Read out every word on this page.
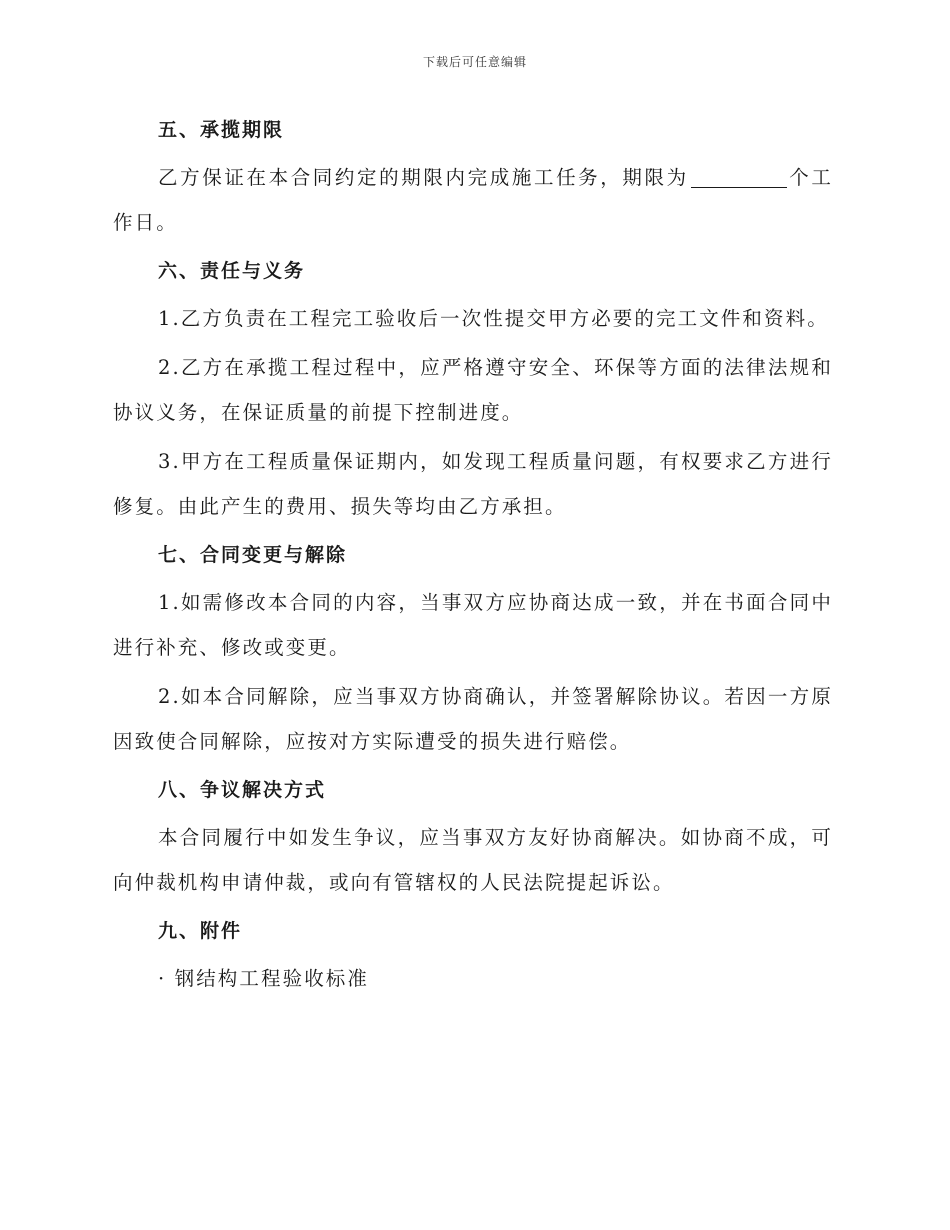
下载后可任意编辑
五、承揽期限
乙方保证在本合同约定的期限内完成施工任务，期限为	个工作日。
六、责任与义务
1.乙方负责在工程完工验收后一次性提交甲方必要的完工文件和资料。
2.乙方在承揽工程过程中，应严格遵守安全、环保等方面的法律法规和协议义务，在保证质量的前提下控制进度。
3.甲方在工程质量保证期内，如发现工程质量问题，有权要求乙方进行修复。由此产生的费用、损失等均由乙方承担。
七、合同变更与解除
1.如需修改本合同的内容，当事双方应协商达成一致，并在书面合同中进行补充、修改或变更。
2.如本合同解除，应当事双方协商确认，并签署解除协议。若因一方原因致使合同解除，应按对方实际遭受的损失进行赔偿。
八、争议解决方式
本合同履行中如发生争议，应当事双方友好协商解决。如协商不成，可向仲裁机构申请仲裁，或向有管辖权的人民法院提起诉讼。
九、附件
· 钢结构工程验收标准
